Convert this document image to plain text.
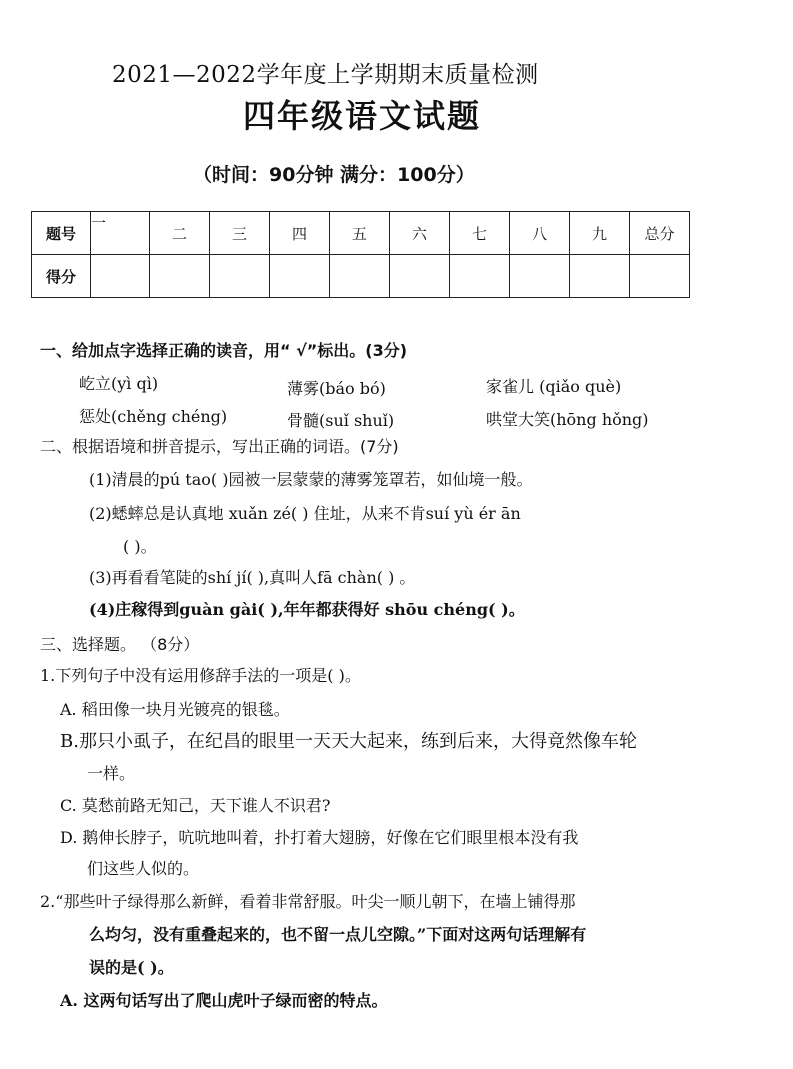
2021—2022学年度上学期期末质量检测
四年级语文试题
（时间：90分钟 满分：100分）
题号	一	二	三	四	五	六	七	八	九	总分
得分										
一、给加点字选择正确的读音，用“ √”标出。(3分)
屹立(yì qì)	薄雾(báo bó)	家雀儿 (qiǎo què)
惩处(chěng chéng)	骨髓(suǐ shuǐ)	哄堂大笑(hōng hǒng)
二、根据语境和拼音提示，写出正确的词语。(7分)
(1)清晨的pú tao( )园被一层蒙蒙的薄雾笼罩若，如仙境一般。
(2)蟋蟀总是认真地 xuǎn zé( ) 住址，从来不肯suí yù ér ān
( )。
(3)再看看笔陡的shí jí( ),真叫人fā chàn( ) 。
(4)庄稼得到guàn gài( ),年年都获得好 shōu chéng( )。
三、选择题。 （8分）
1.下列句子中没有运用修辞手法的一项是( )。
A. 稻田像一块月光镀亮的银毯。
B.那只小虱子，在纪昌的眼里一天天大起来，练到后来，大得竟然像车轮
一样。
C. 莫愁前路无知己，天下谁人不识君?
D. 鹅伸长脖子，吭吭地叫着，扑打着大翅膀，好像在它们眼里根本没有我
们这些人似的。
2.“那些叶子绿得那么新鲜，看着非常舒服。叶尖一顺儿朝下，在墙上铺得那
么均匀，没有重叠起来的，也不留一点儿空隙。”下面对这两句话理解有
误的是( )。
A. 这两句话写出了爬山虎叶子绿而密的特点。
